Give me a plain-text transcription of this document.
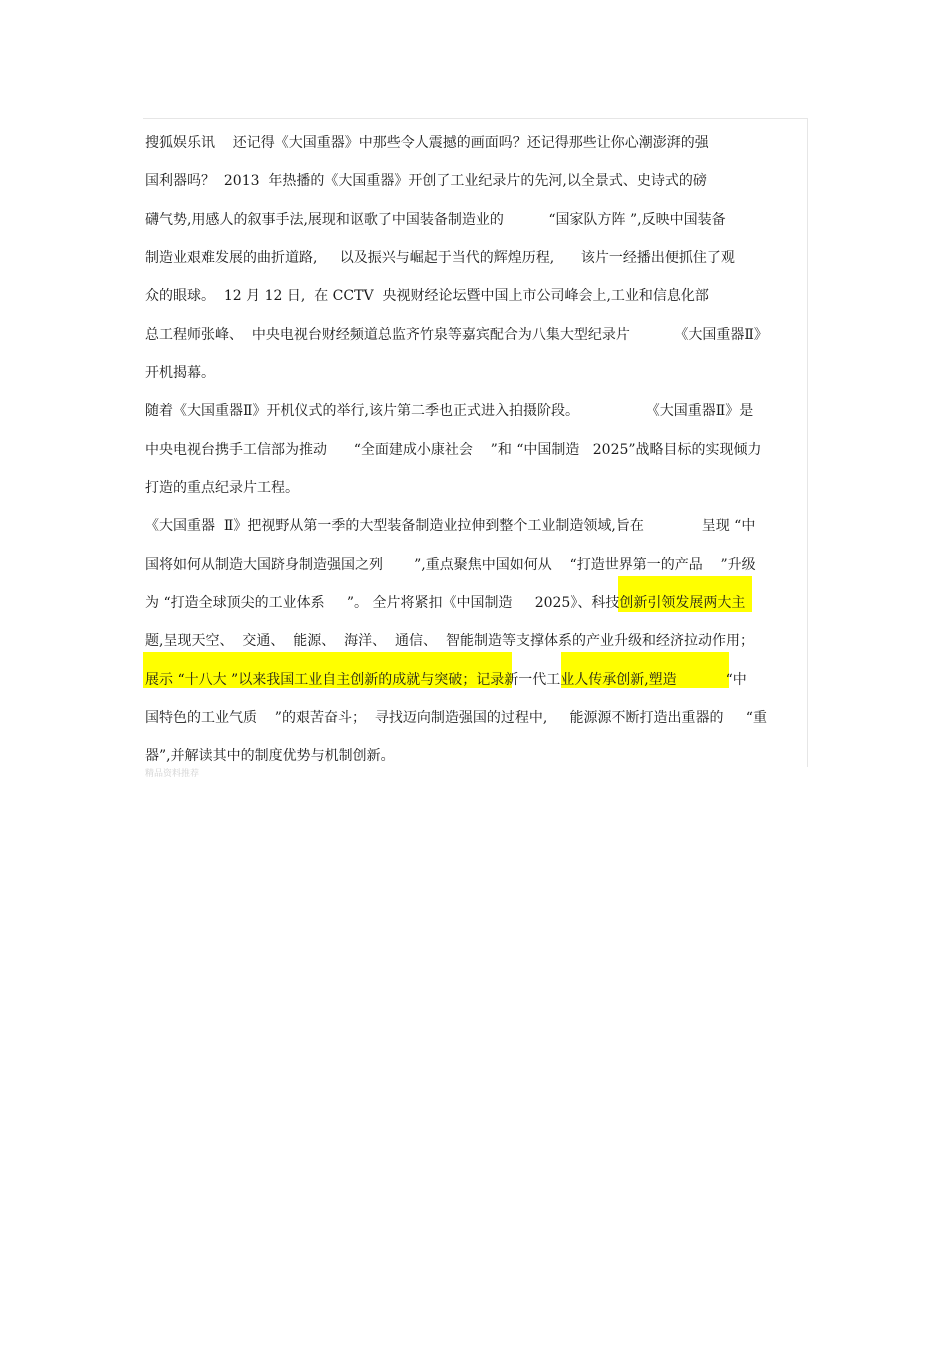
搜狐娱乐讯    还记得《大国重器》中那些令人震撼的画面吗？还记得那些让你心潮澎湃的强
国利器吗？  2013  年热播的《大国重器》开创了工业纪录片的先河,以全景式、史诗式的磅
礴气势,用感人的叙事手法,展现和讴歌了中国装备制造业的          “国家队方阵 ”,反映中国装备
制造业艰难发展的曲折道路,     以及振兴与崛起于当代的辉煌历程,      该片一经播出便抓住了观
众的眼球。  12 月 12 日,  在 CCTV  央视财经论坛暨中国上市公司峰会上,工业和信息化部
总工程师张峰、  中央电视台财经频道总监齐竹泉等嘉宾配合为八集大型纪录片          《大国重器Ⅱ》
开机揭幕。
随着《大国重器Ⅱ》开机仪式的举行,该片第二季也正式进入拍摄阶段。               《大国重器Ⅱ》是
中央电视台携手工信部为推动      “全面建成小康社会    ”和 “中国制造   2025”战略目标的实现倾力
打造的重点纪录片工程。
《大国重器  Ⅱ》把视野从第一季的大型装备制造业拉伸到整个工业制造领域,旨在             呈现 “中
国将如何从制造大国跻身制造强国之列       ”,重点聚焦中国如何从    “打造世界第一的产品    ”升级
为 “打造全球顶尖的工业体系     ”。 全片将紧扣《中国制造     2025》、科技创新引领发展两大主
题,呈现天空、  交通、  能源、  海洋、  通信、  智能制造等支撑体系的产业升级和经济拉动作用；
展示 “十八大 ”以来我国工业自主创新的成就与突破；记录新一代工业人传承创新,塑造           “中
国特色的工业气质    ”的艰苦奋斗；  寻找迈向制造强国的过程中,     能源源不断打造出重器的     “重
器”,并解读其中的制度优势与机制创新。
精品资料推荐
